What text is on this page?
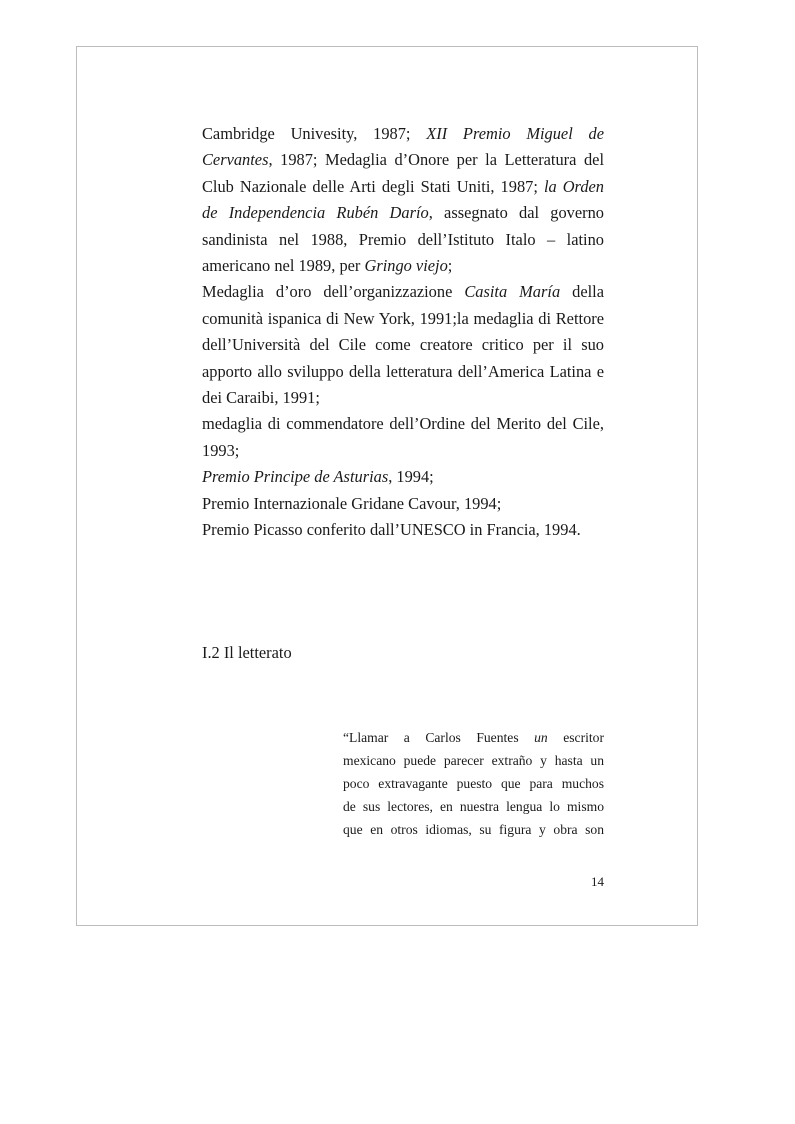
Cambridge Univesity, 1987; XII Premio Miguel de Cervantes, 1987; Medaglia d’Onore per la Letteratura del Club Nazionale delle Arti degli Stati Uniti, 1987; la Orden de Independencia Rubén Darío, assegnato dal governo sandinista nel 1988, Premio dell’Istituto Italo – latino americano nel 1989, per Gringo viejo;

Medaglia d’oro dell’organizzazione Casita María della comunità ispanica di New York, 1991;la medaglia di Rettore dell’Università del Cile come creatore critico per il suo apporto allo sviluppo della letteratura dell’America Latina e dei Caraibi, 1991;

medaglia di commendatore dell’Ordine del Merito del Cile, 1993;

Premio Principe de Asturias, 1994;

Premio Internazionale Gridane Cavour, 1994;

Premio Picasso conferito dall’UNESCO in Francia, 1994.

I.2 Il letterato

“Llamar a Carlos Fuentes un escritor

mexicano puede parecer extraño y hasta un

poco extravagante puesto que para muchos

de sus lectores, en nuestra lengua lo mismo

que en otros idiomas, su figura y obra son

14
